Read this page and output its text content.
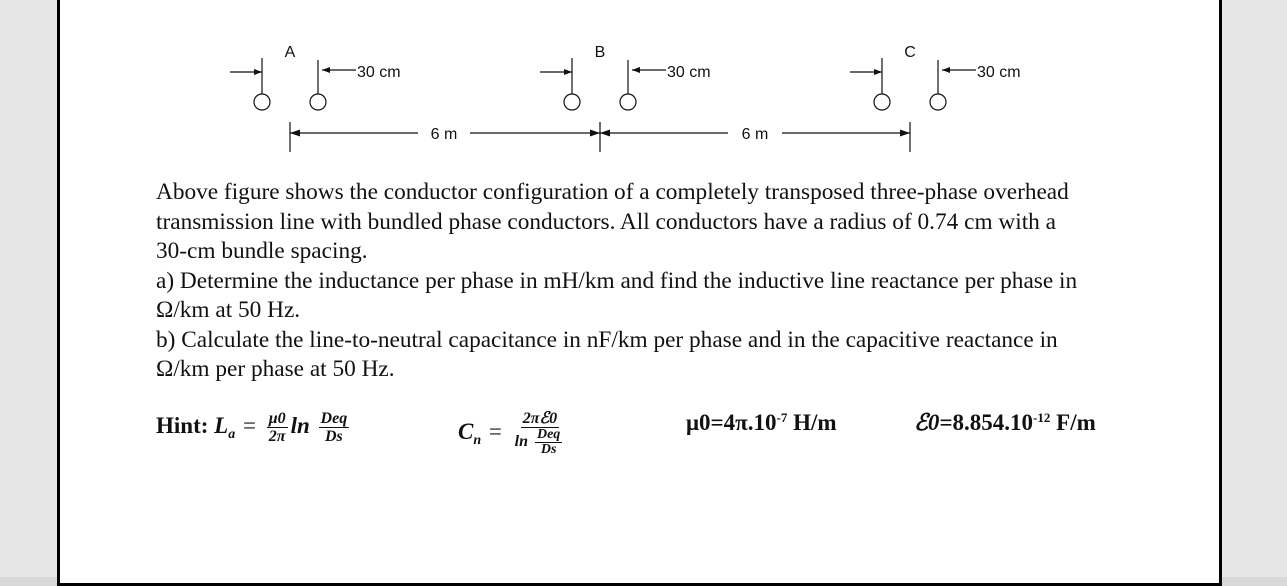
A
30 cm
B
30 cm
C
30 cm
6 m	6 m
Above figure shows the conductor configuration of a completely transposed three-phase overhead
transmission line with bundled phase conductors. All conductors have a radius of 0.74 cm with a
30-cm bundle spacing.
a) Determine the inductance per phase in mH/km and find the inductive line reactance per phase in
Ω/km at 50 Hz.
b) Calculate the line-to-neutral capacitance in nF/km per phase and in the capacitive reactance in
Ω/km per phase at 50 Hz.
Hint: $L_a = \frac{\mu 0}{2\pi}$ $\ln \frac{\text{Deq}}{Ds}$	$C_n = \frac{\text{2πℰ0}}{\ln \frac{\text{Deq}}{Ds}}$	$\mu 0=4\pi.10^{-7}$ H/m	$ℰ0=8.854.10^{-12}$ F/m
